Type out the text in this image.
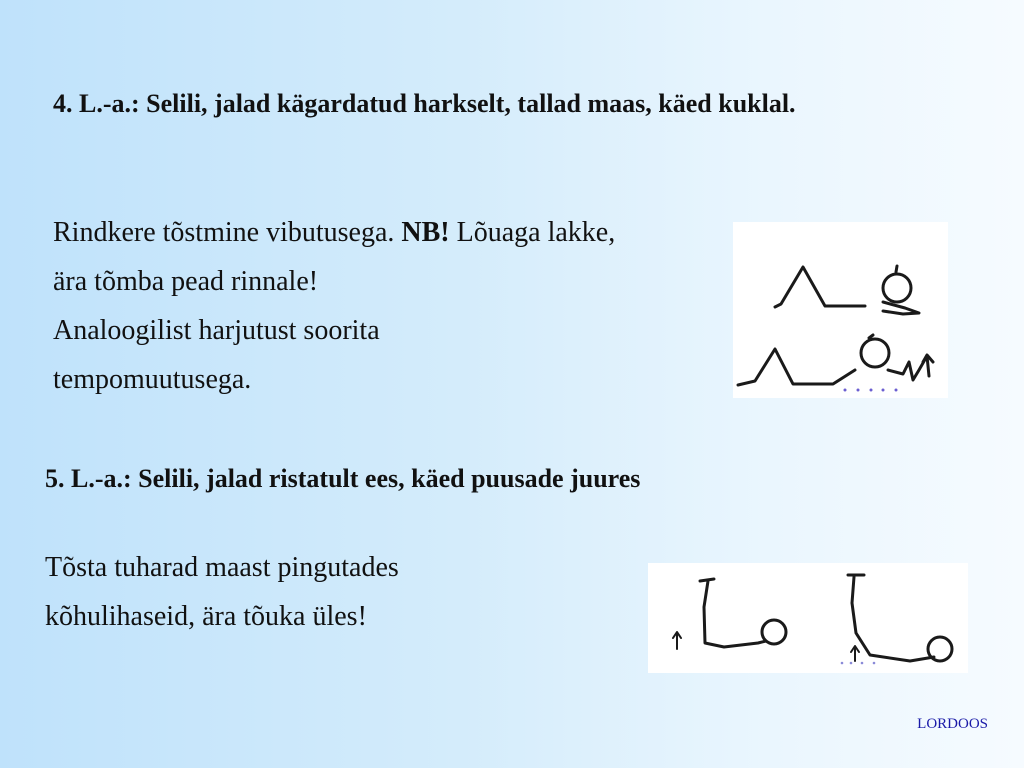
4. L.-a.: Selili, jalad kägardatud harkselt, tallad maas, käed kuklal.
Rindkere tõstmine vibutusega. NB! Lõuaga lakke,
ära tõmba pead rinnale!
Analoogilist harjutust soorita
tempomuutusega.
5. L.-a.: Selili, jalad ristatult ees, käed puusade juures
Tõsta tuharad maast pingutades
kõhulihaseid, ära tõuka üles!
LORDOOS
